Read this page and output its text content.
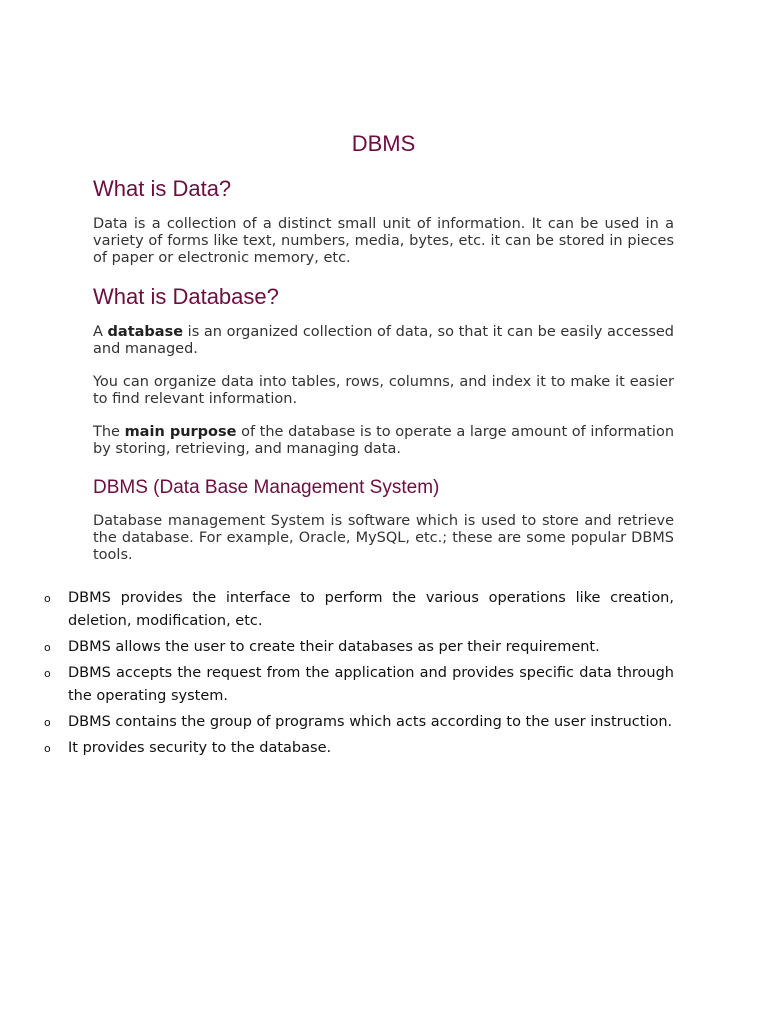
DBMS
What is Data?

Data is a collection of a distinct small unit of information. It can be used in a variety of forms like text, numbers, media, bytes, etc. it can be stored in pieces of paper or electronic memory, etc.

What is Database?

A database is an organized collection of data, so that it can be easily accessed and managed.

You can organize data into tables, rows, columns, and index it to make it easier to find relevant information.

The main purpose of the database is to operate a large amount of information by storing, retrieving, and managing data.

DBMS (Data Base Management System)

Database management System is software which is used to store and retrieve the database. For example, Oracle, MySQL, etc.; these are some popular DBMS tools.

o DBMS provides the interface to perform the various operations like creation, deletion, modification, etc.
o DBMS allows the user to create their databases as per their requirement.
o DBMS accepts the request from the application and provides specific data through the operating system.
o DBMS contains the group of programs which acts according to the user instruction.
o It provides security to the database.
